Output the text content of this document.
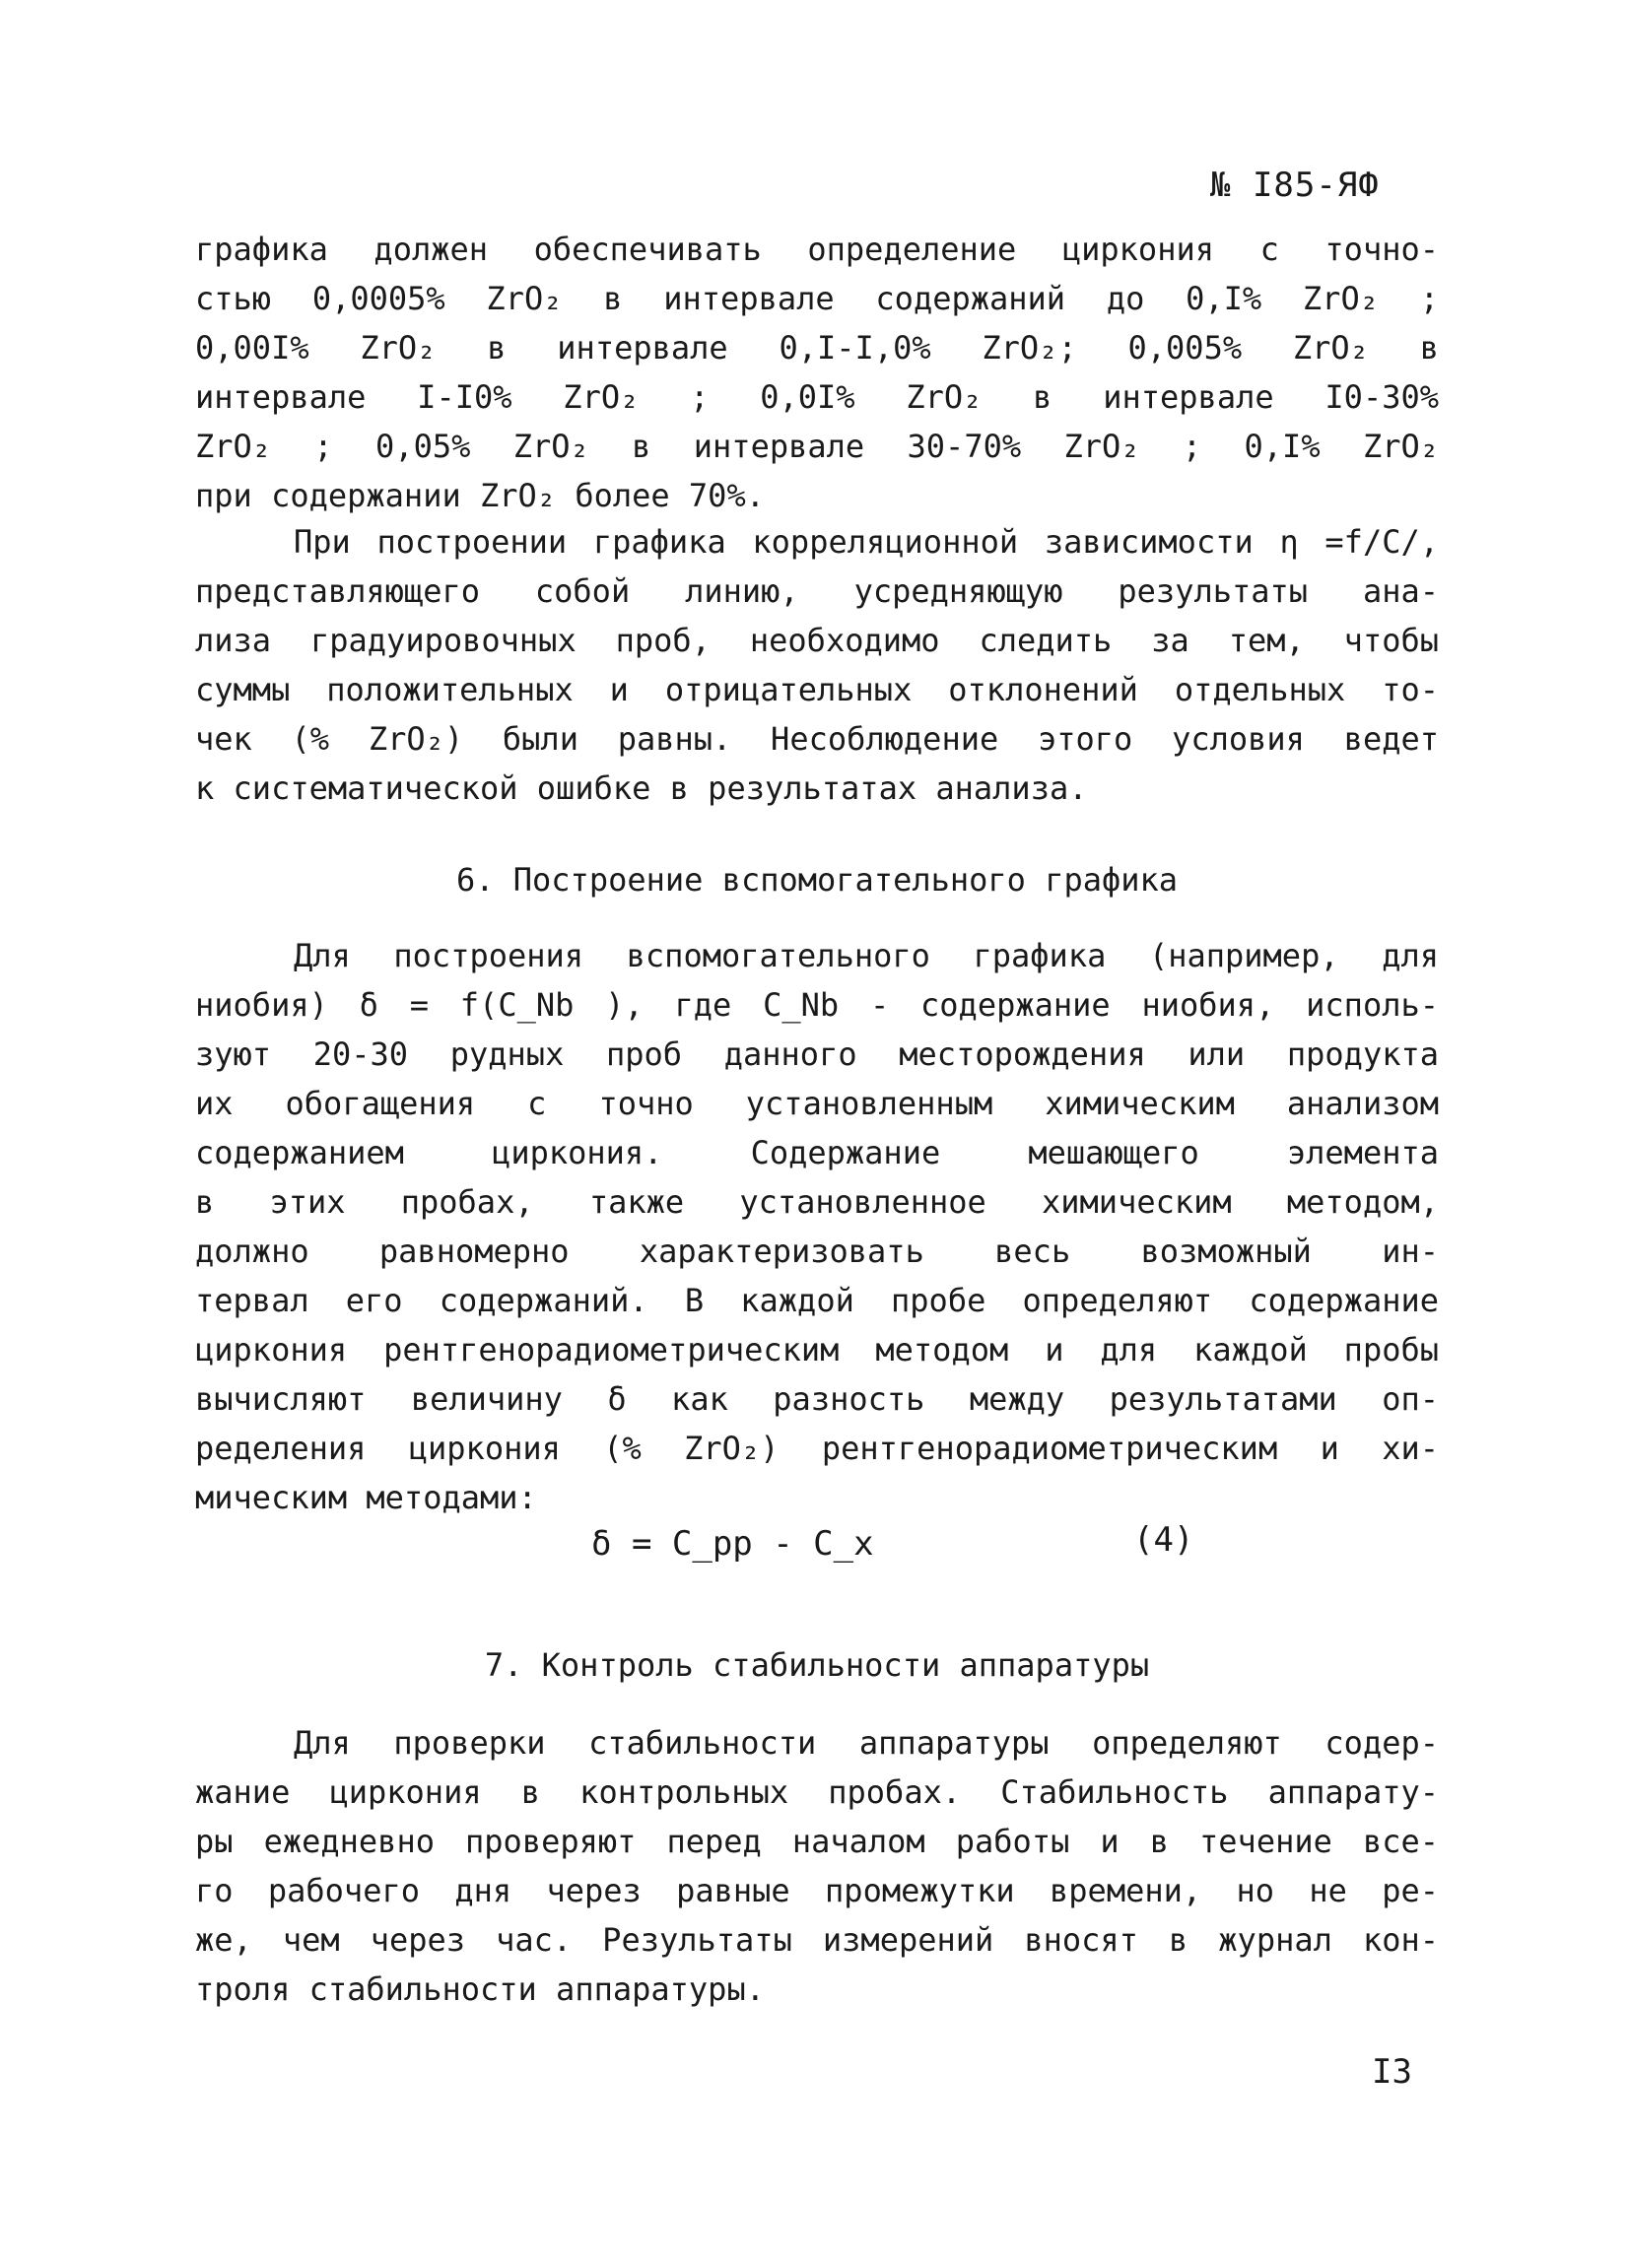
№ I85-ЯФ
графика должен обеспечивать определение циркония с точно-
стью 0,0005% ZrO₂ в интервале содержаний до 0,I% ZrO₂ ;
0,00I% ZrO₂ в интервале 0,I-I,0% ZrO₂; 0,005% ZrO₂ в
интервале I-I0% ZrO₂ ; 0,0I% ZrO₂ в интервале I0-30%
ZrO₂ ; 0,05% ZrO₂ в интервале 30-70% ZrO₂ ; 0,I% ZrO₂
при содержании ZrO₂ более 70%.
При построении графика корреляционной зависимости η =f/C/,
представляющего собой линию, усредняющую результаты ана-
лиза градуировочных проб, необходимо следить за тем, чтобы
суммы положительных и отрицательных отклонений отдельных то-
чек (% ZrO₂) были равны. Несоблюдение этого условия ведет
к систематической ошибке в результатах анализа.
6. Построение вспомогательного графика
Для построения вспомогательного графика (например, для
ниобия) δ = f(C_Nb ), где C_Nb - содержание ниобия, исполь-
зуют 20-30 рудных проб данного месторождения или продукта
их обогащения с точно установленным химическим анализом
содержанием циркония. Содержание мешающего элемента
в этих пробах, также установленное химическим методом,
должно равномерно характеризовать весь возможный ин-
тервал его содержаний. В каждой пробе определяют содержание
циркония рентгенорадиометрическим методом и для каждой пробы
вычисляют величину δ как разность между результатами оп-
ределения циркония (% ZrO₂) рентгенорадиометрическим и хи-
мическим методами:
δ = C_pp - C_x	(4)
7. Контроль стабильности аппаратуры
Для проверки стабильности аппаратуры определяют содер-
жание циркония в контрольных пробах. Стабильность аппарату-
ры ежедневно проверяют перед началом работы и в течение все-
го рабочего дня через равные промежутки времени, но не ре-
же, чем через час. Результаты измерений вносят в журнал кон-
троля стабильности аппаратуры.
I3
